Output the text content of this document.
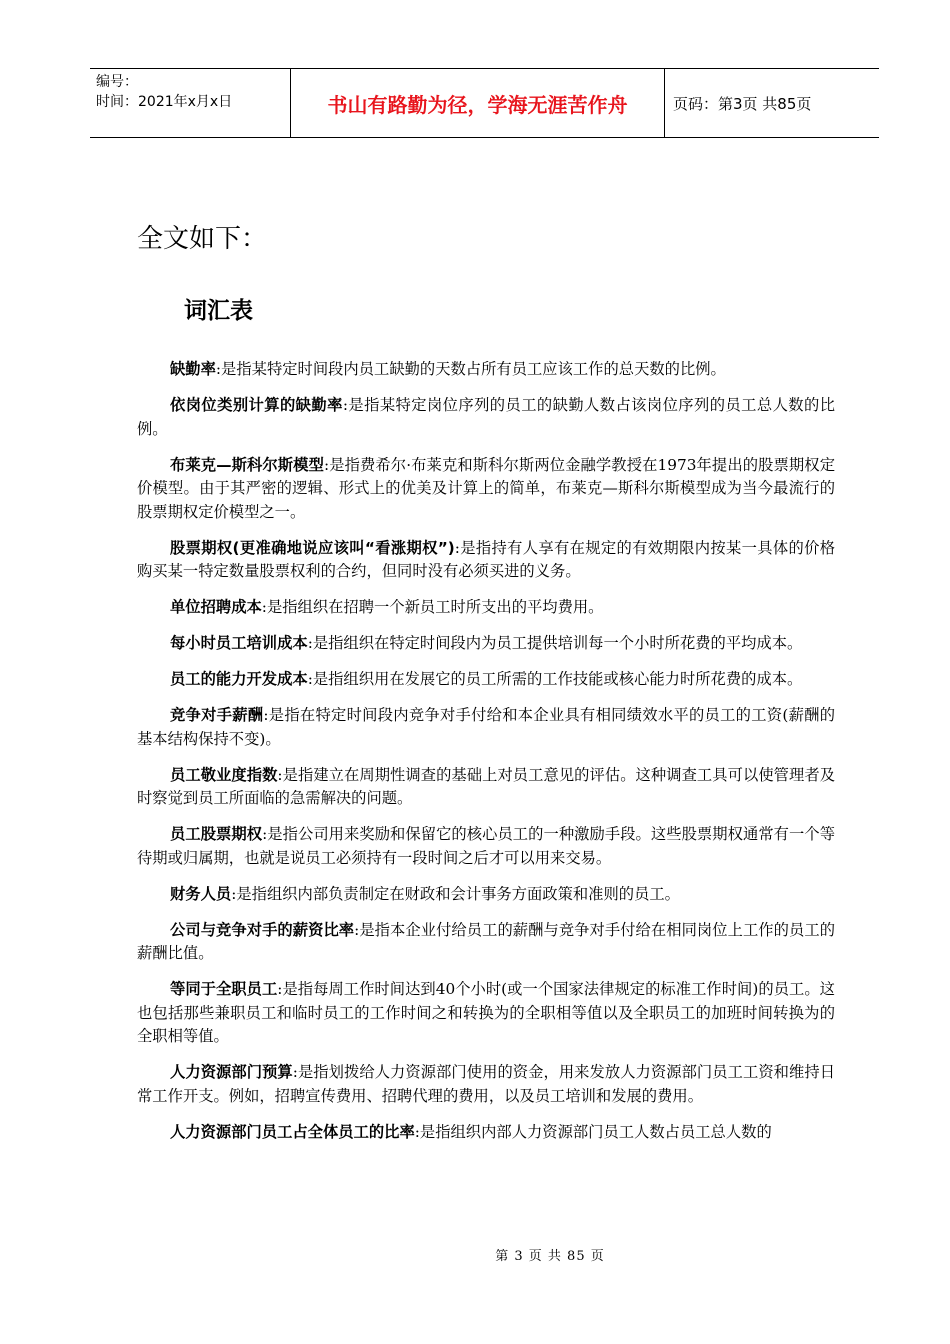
编号：
时间：2021年x月x日	书山有路勤为径，学海无涯苦作舟	页码：第3页 共85页
全文如下：
词汇表

缺勤率:是指某特定时间段内员工缺勤的天数占所有员工应该工作的总天数的比例。

依岗位类别计算的缺勤率:是指某特定岗位序列的员工的缺勤人数占该岗位序列的员工总人数的比例。

布莱克—斯科尔斯模型:是指费希尔·布莱克和斯科尔斯两位金融学教授在1973年提出的股票期权定价模型。由于其严密的逻辑、形式上的优美及计算上的简单，布莱克—斯科尔斯模型成为当今最流行的股票期权定价模型之一。

股票期权(更准确地说应该叫“看涨期权”):是指持有人享有在规定的有效期限内按某一具体的价格购买某一特定数量股票权利的合约，但同时没有必须买进的义务。

单位招聘成本:是指组织在招聘一个新员工时所支出的平均费用。

每小时员工培训成本:是指组织在特定时间段内为员工提供培训每一个小时所花费的平均成本。

员工的能力开发成本:是指组织用在发展它的员工所需的工作技能或核心能力时所花费的成本。

竞争对手薪酬:是指在特定时间段内竞争对手付给和本企业具有相同绩效水平的员工的工资(薪酬的基本结构保持不变)。

员工敬业度指数:是指建立在周期性调查的基础上对员工意见的评估。这种调查工具可以使管理者及时察觉到员工所面临的急需解决的问题。

员工股票期权:是指公司用来奖励和保留它的核心员工的一种激励手段。这些股票期权通常有一个等待期或归属期，也就是说员工必须持有一段时间之后才可以用来交易。

财务人员:是指组织内部负责制定在财政和会计事务方面政策和准则的员工。

公司与竞争对手的薪资比率:是指本企业付给员工的薪酬与竞争对手付给在相同岗位上工作的员工的薪酬比值。

等同于全职员工:是指每周工作时间达到40个小时(或一个国家法律规定的标准工作时间)的员工。这也包括那些兼职员工和临时员工的工作时间之和转换为的全职相等值以及全职员工的加班时间转换为的全职相等值。

人力资源部门预算:是指划拨给人力资源部门使用的资金，用来发放人力资源部门员工工资和维持日常工作开支。例如，招聘宣传费用、招聘代理的费用，以及员工培训和发展的费用。

人力资源部门员工占全体员工的比率:是指组织内部人力资源部门员工人数占员工总人数的

第 3 页 共 85 页
